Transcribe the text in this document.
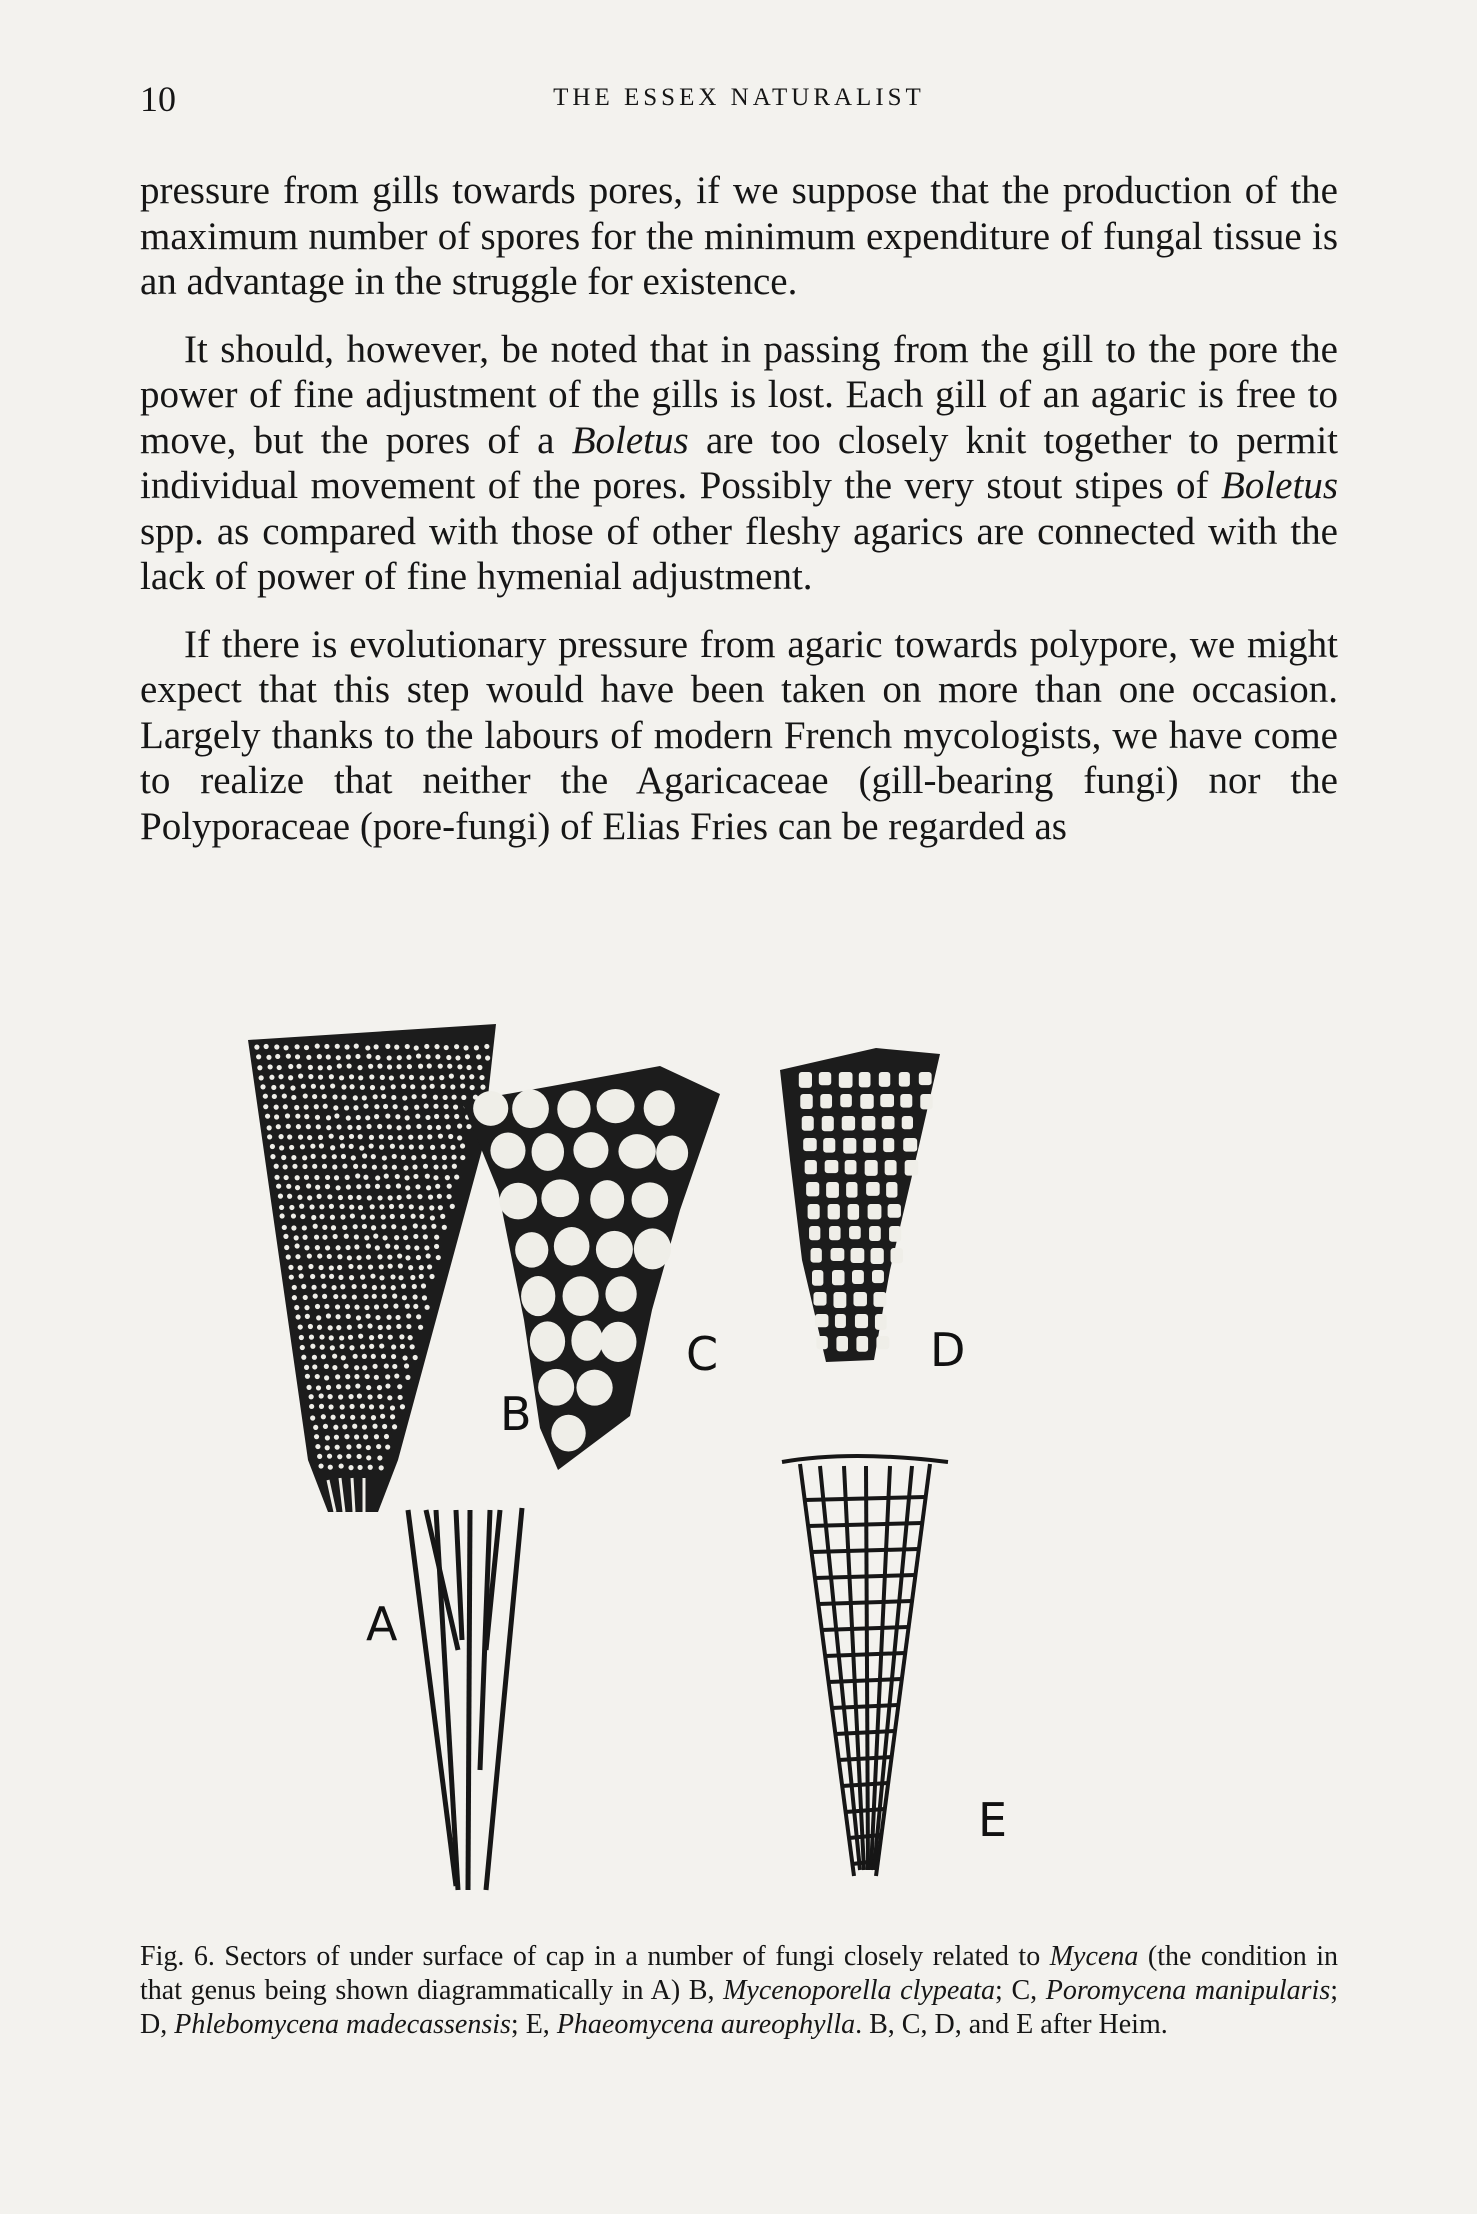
10	THE ESSEX NATURALIST

pressure from gills towards pores, if we suppose that the production of the maximum number of spores for the minimum expenditure of fungal tissue is an advantage in the struggle for existence.

It should, however, be noted that in passing from the gill to the pore the power of fine adjustment of the gills is lost. Each gill of an agaric is free to move, but the pores of a Boletus are too closely knit together to permit individual movement of the pores. Possibly the very stout stipes of Boletus spp. as compared with those of other fleshy agarics are connected with the lack of power of fine hymenial adjustment.

If there is evolutionary pressure from agaric towards polypore, we might expect that this step would have been taken on more than one occasion. Largely thanks to the labours of modern French mycologists, we have come to realize that neither the Agaricaceae (gill-bearing fungi) nor the Polyporaceae (pore-fungi) of Elias Fries can be regarded as

B
C	D
A
E
Fig. 6. Sectors of under surface of cap in a number of fungi closely related to Mycena (the condition in that genus being shown diagrammatically in A) B, Mycenoporella clypeata; C, Poromycena manipularis; D, Phlebomycena madecassensis; E, Phaeomycena aureophylla. B, C, D, and E after Heim.
